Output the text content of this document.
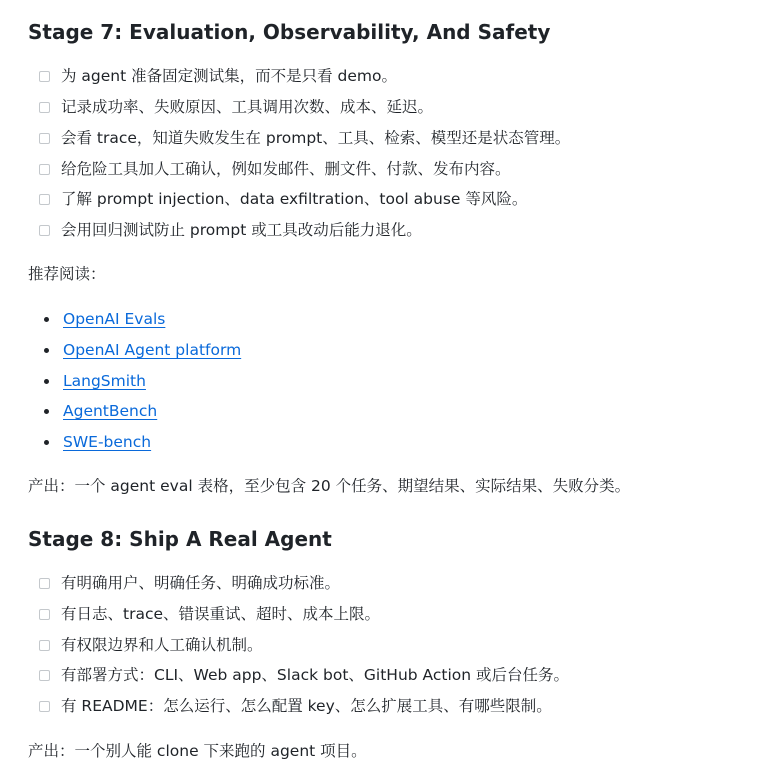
Stage 7: Evaluation, Observability, And Safety
为 agent 准备固定测试集，而不是只看 demo。
记录成功率、失败原因、工具调用次数、成本、延迟。
会看 trace，知道失败发生在 prompt、工具、检索、模型还是状态管理。
给危险工具加人工确认，例如发邮件、删文件、付款、发布内容。
了解 prompt injection、data exfiltration、tool abuse 等风险。
会用回归测试防止 prompt 或工具改动后能力退化。

推荐阅读：

OpenAI Evals
OpenAI Agent platform
LangSmith
AgentBench
SWE-bench

产出：一个 agent eval 表格，至少包含 20 个任务、期望结果、实际结果、失败分类。

Stage 8: Ship A Real Agent
有明确用户、明确任务、明确成功标准。
有日志、trace、错误重试、超时、成本上限。
有权限边界和人工确认机制。
有部署方式：CLI、Web app、Slack bot、GitHub Action 或后台任务。
有 README：怎么运行、怎么配置 key、怎么扩展工具、有哪些限制。

产出：一个别人能 clone 下来跑的 agent 项目。
